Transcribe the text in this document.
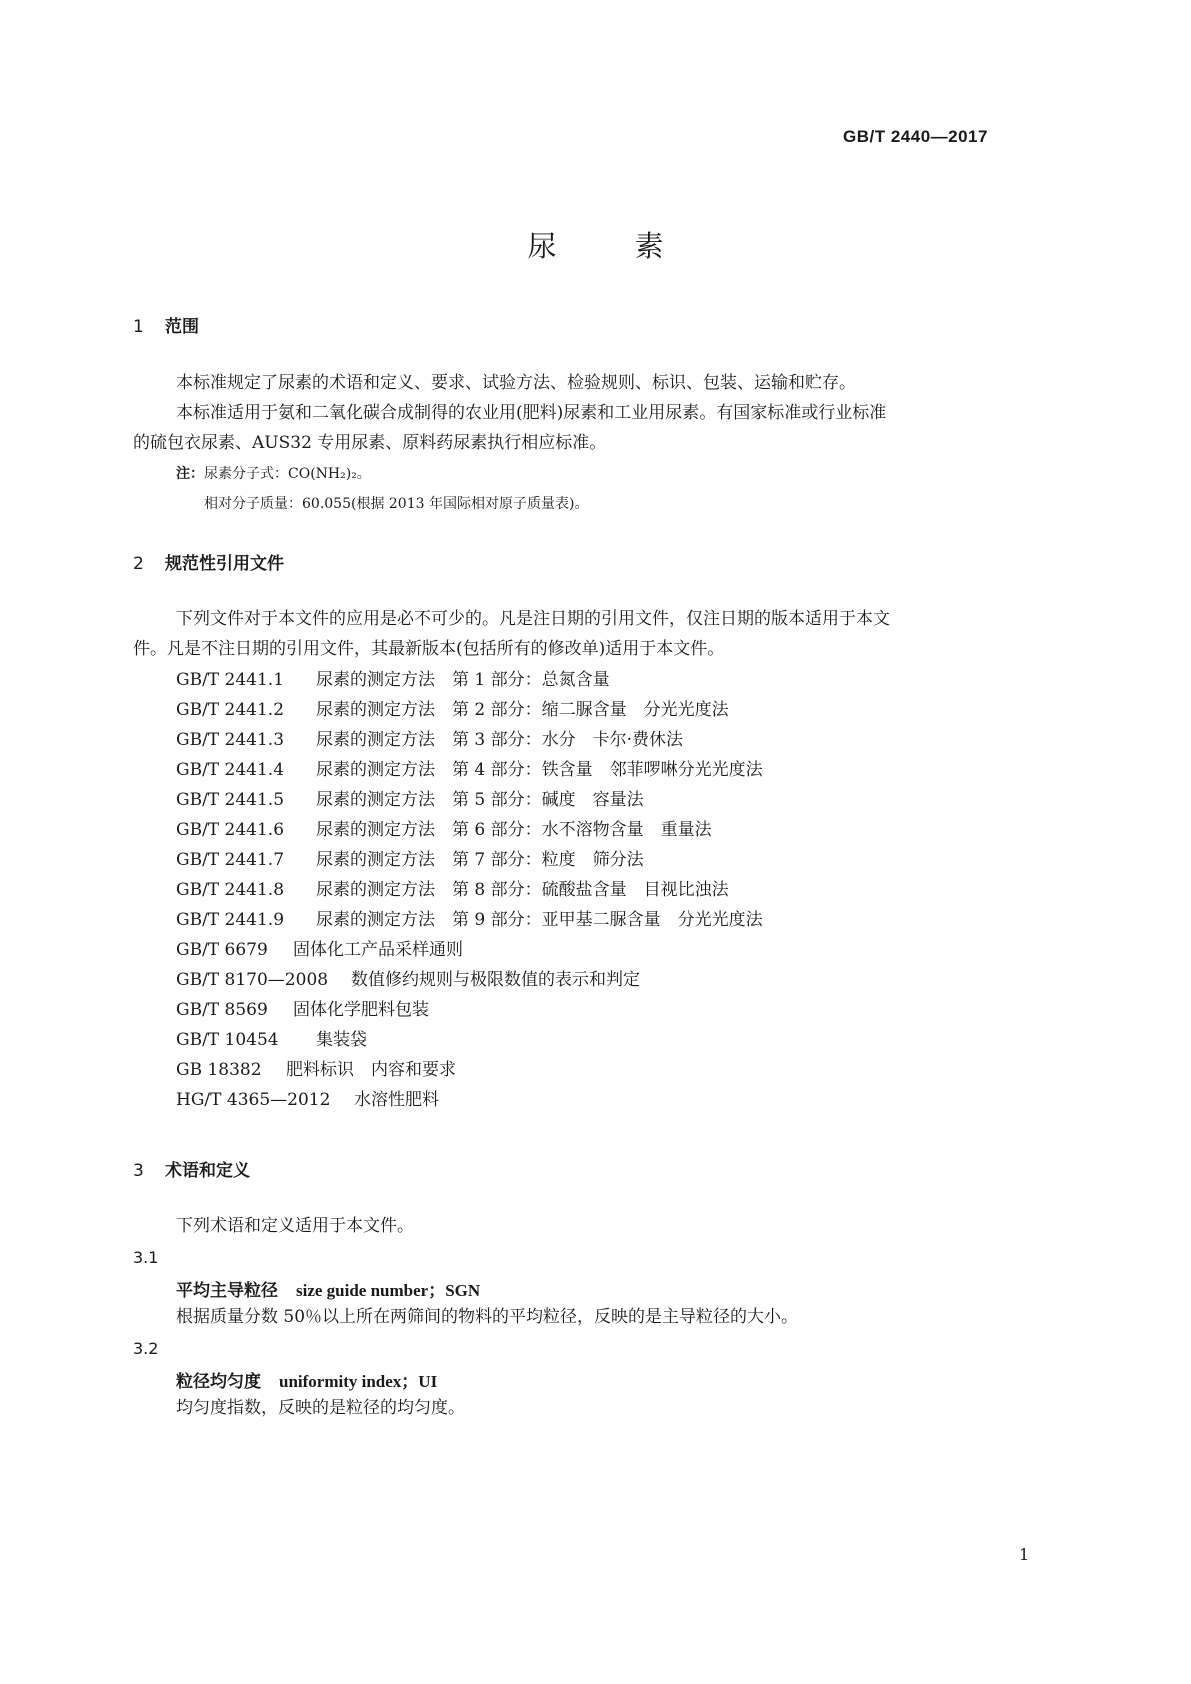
GB/T 2440—2017
尿	素
1 范围
本标准规定了尿素的术语和定义、要求、试验方法、检验规则、标识、包装、运输和贮存。
本标准适用于氨和二氧化碳合成制得的农业用(肥料)尿素和工业用尿素。有国家标准或行业标准
的硫包衣尿素、AUS32 专用尿素、原料药尿素执行相应标准。
注：尿素分子式：CO(NH₂)₂。
相对分子质量：60.055(根据 2013 年国际相对原子质量表)。
2 规范性引用文件
下列文件对于本文件的应用是必不可少的。凡是注日期的引用文件，仅注日期的版本适用于本文
件。凡是不注日期的引用文件，其最新版本(包括所有的修改单)适用于本文件。
GB/T 2441.1 尿素的测定方法　第 1 部分：总氮含量
GB/T 2441.2 尿素的测定方法　第 2 部分：缩二脲含量　分光光度法
GB/T 2441.3 尿素的测定方法　第 3 部分：水分　卡尔·费休法
GB/T 2441.4 尿素的测定方法　第 4 部分：铁含量　邻菲啰啉分光光度法
GB/T 2441.5 尿素的测定方法　第 5 部分：碱度　容量法
GB/T 2441.6 尿素的测定方法　第 6 部分：水不溶物含量　重量法
GB/T 2441.7 尿素的测定方法　第 7 部分：粒度　筛分法
GB/T 2441.8 尿素的测定方法　第 8 部分：硫酸盐含量　目视比浊法
GB/T 2441.9 尿素的测定方法　第 9 部分：亚甲基二脲含量　分光光度法
GB/T 6679 固体化工产品采样通则
GB/T 8170—2008 数值修约规则与极限数值的表示和判定
GB/T 8569 固体化学肥料包装
GB/T 10454 集装袋
GB 18382 肥料标识　内容和要求
HG/T 4365—2012 水溶性肥料
3 术语和定义
下列术语和定义适用于本文件。
3.1
平均主导粒径 size guide number；SGN
根据质量分数 50％以上所在两筛间的物料的平均粒径，反映的是主导粒径的大小。
3.2
粒径均匀度 uniformity index；UI
均匀度指数，反映的是粒径的均匀度。
1
